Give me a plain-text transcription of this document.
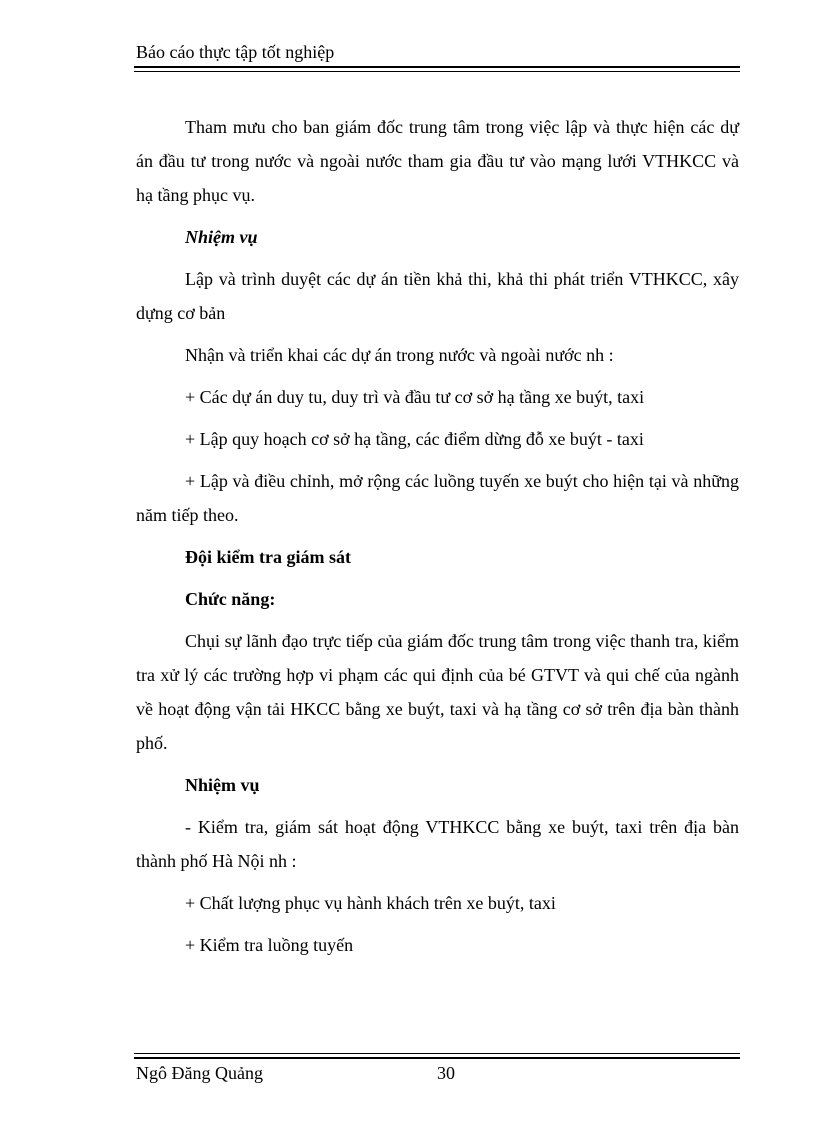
Báo cáo thực tập tốt nghiệp

Tham mưu cho ban giám đốc trung tâm trong việc lập và thực hiện các dự án đầu tư trong nước và ngoài nước tham gia đầu tư vào mạng lưới VTHKCC và hạ tầng phục vụ.

Nhiệm vụ

Lập và trình duyệt các dự án tiền khả thi, khả thi phát triển VTHKCC, xây dựng cơ bản

Nhận và triển khai các dự án trong nước và ngoài nước nh :

+ Các dự án duy tu, duy trì và đầu tư cơ sở hạ tầng xe buýt, taxi

+ Lập quy hoạch cơ sở hạ tầng, các điểm dừng đỗ xe buýt - taxi

+ Lập và điều chỉnh, mở rộng các luồng tuyến xe buýt cho hiện tại và những năm tiếp theo.

Đội kiểm tra giám sát

Chức năng:

Chụi sự lãnh đạo trực tiếp của giám đốc trung tâm trong việc thanh tra, kiểm tra xử lý các trường hợp vi phạm các qui định của bé GTVT và qui chế của ngành về hoạt động vận tải HKCC bằng xe buýt, taxi và hạ tầng cơ sở trên địa bàn thành phố.

Nhiệm vụ

- Kiểm tra, giám sát hoạt động VTHKCC bằng xe buýt, taxi trên địa bàn thành phố Hà Nội nh :

+ Chất lượng phục vụ hành khách trên xe buýt, taxi

+ Kiểm tra luồng tuyến

Ngô Đăng Quảng	30
